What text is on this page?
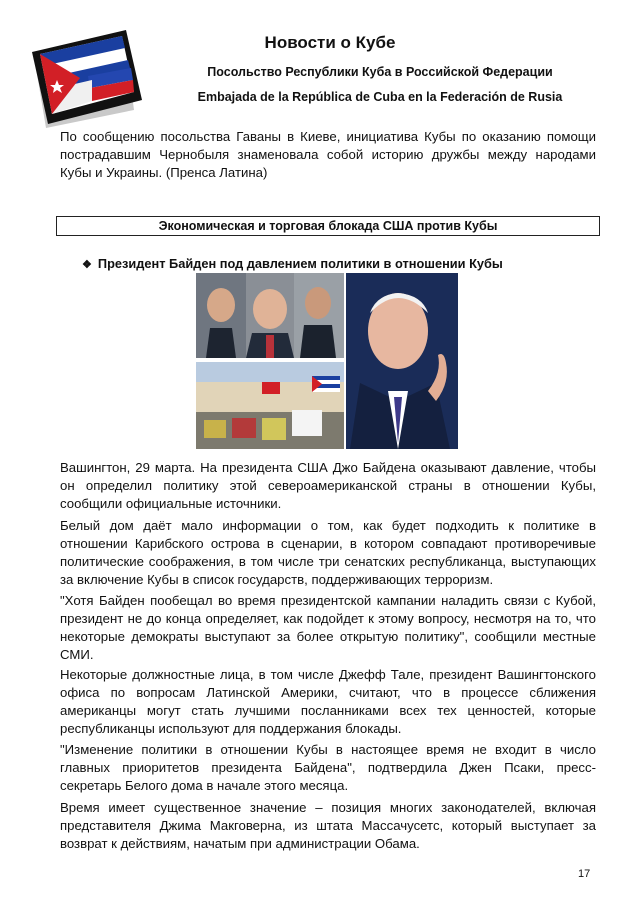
Новости о Кубе
Посольство Республики Куба в Российской Федерации
Embajada de la República de Cuba en la Federación de Rusia

По сообщению посольства Гаваны в Киеве, инициатива Кубы по оказанию помощи пострадавшим Чернобыля знаменовала собой историю дружбы между народами Кубы и Украины. (Пренса Латина)

Экономическая и торговая блокада США против Кубы
❖ Президент Байден под давлением политики в отношении Кубы

Вашингтон, 29 марта. На президента США Джо Байдена оказывают давление, чтобы он определил политику этой североамериканской страны в отношении Кубы, сообщили официальные источники.

Белый дом даёт мало информации о том, как будет подходить к политике в отношении Карибского острова в сценарии, в котором совпадают противоречивые политические соображения, в том числе три сенатских республиканца, выступающих за включение Кубы в список государств, поддерживающих терроризм.

"Хотя Байден пообещал во время президентской кампании наладить связи с Кубой, президент не до конца определяет, как подойдет к этому вопросу, несмотря на то, что некоторые демократы выступают за более открытую политику", сообщили местные СМИ.

Некоторые должностные лица, в том числе Джефф Тале, президент Вашингтонского офиса по вопросам Латинской Америки, считают, что в процессе сближения американцы могут стать лучшими посланниками всех тех ценностей, которые республиканцы используют для поддержания блокады.

"Изменение политики в отношении Кубы в настоящее время не входит в число главных приоритетов президента Байдена", подтвердила Джен Псаки, пресс-секретарь Белого дома в начале этого месяца.

Время имеет существенное значение – позиция многих законодателей, включая представителя Джима Макговерна, из штата Массачусетс, который выступает за возврат к действиям, начатым при администрации Обама.

17
